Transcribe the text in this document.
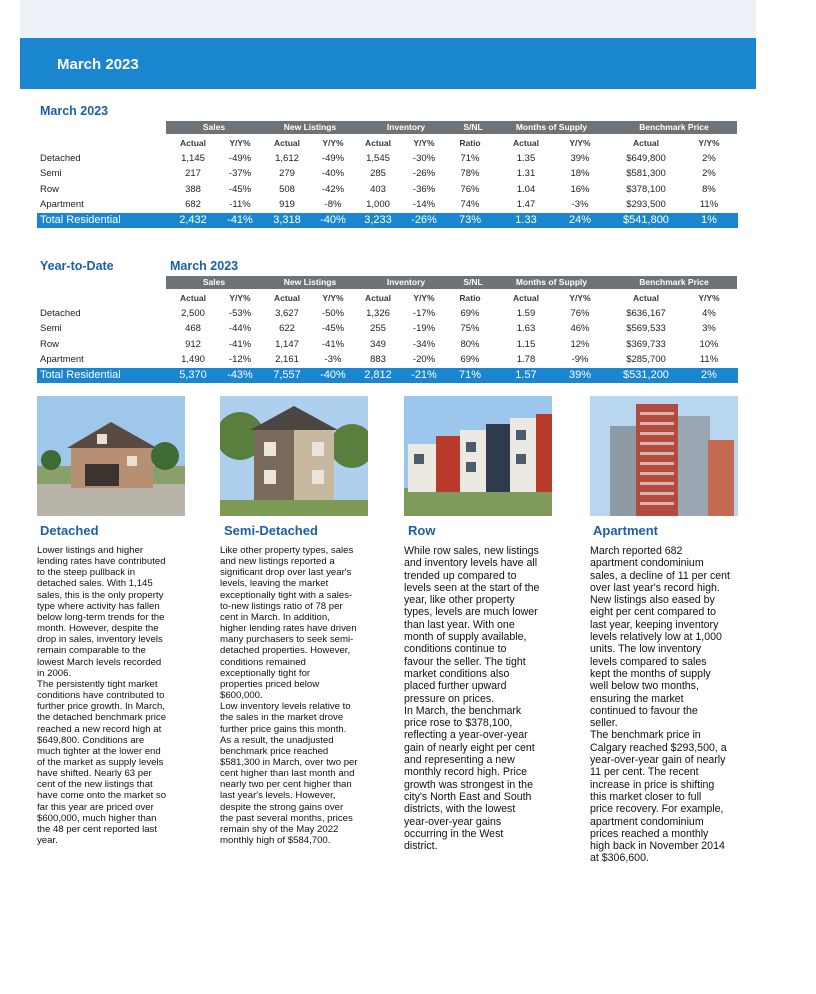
March 2023
March 2023
Sales	New Listings	Inventory	S/NL	Months of Supply	Benchmark Price
Actual	Y/Y%	Actual	Y/Y%	Actual	Y/Y%	Ratio	Actual	Y/Y%	Actual	Y/Y%
Detached	1,145	-49%	1,612	-49%	1,545	-30%	71%	1.35	39%	$649,800	2%
Semi	217	-37%	279	-40%	285	-26%	78%	1.31	18%	$581,300	2%
Row	388	-45%	508	-42%	403	-36%	76%	1.04	16%	$378,100	8%
Apartment	682	-11%	919	-8%	1,000	-14%	74%	1.47	-3%	$293,500	11%
Total Residential	2,432	-41%	3,318	-40%	3,233	-26%	73%	1.33	24%	$541,800	1%
Year-to-Date	March 2023
Sales	New Listings	Inventory	S/NL	Months of Supply	Benchmark Price
Actual	Y/Y%	Actual	Y/Y%	Actual	Y/Y%	Ratio	Actual	Y/Y%	Actual	Y/Y%
Detached	2,500	-53%	3,627	-50%	1,326	-17%	69%	1.59	76%	$636,167	4%
Semi	468	-44%	622	-45%	255	-19%	75%	1.63	46%	$569,533	3%
Row	912	-41%	1,147	-41%	349	-34%	80%	1.15	12%	$369,733	10%
Apartment	1,490	-12%	2,161	-3%	883	-20%	69%	1.78	-9%	$285,700	11%
Total Residential	5,370	-43%	7,557	-40%	2,812	-21%	71%	1.57	39%	$531,200	2%
Detached	Semi-Detached	Row	Apartment
Lower listings and higher
lending rates have contributed
to the steep pullback in
detached sales. With 1,145
sales, this is the only property
type where activity has fallen
below long-term trends for the
month. However, despite the
drop in sales, inventory levels
remain comparable to the
lowest March levels recorded
in 2006.
The persistently tight market
conditions have contributed to
further price growth. In March,
the detached benchmark price
reached a new record high at
$649,800. Conditions are
much tighter at the lower end
of the market as supply levels
have shifted. Nearly 63 per
cent of the new listings that
have come onto the market so
far this year are priced over
$600,000, much higher than
the 48 per cent reported last
year.
Like other property types, sales
and new listings reported a
significant drop over last year's
levels, leaving the market
exceptionally tight with a sales-
to-new listings ratio of 78 per
cent in March. In addition,
higher lending rates have driven
many purchasers to seek semi-
detached properties. However,
conditions remained
exceptionally tight for
properties priced below
$600,000.
Low inventory levels relative to
the sales in the market drove
further price gains this month.
As a result, the unadjusted
benchmark price reached
$581,300 in March, over two per
cent higher than last month and
nearly two per cent higher than
last year's levels. However,
despite the strong gains over
the past several months, prices
remain shy of the May 2022
monthly high of $584,700.
While row sales, new listings
and inventory levels have all
trended up compared to
levels seen at the start of the
year, like other property
types, levels are much lower
than last year. With one
month of supply available,
conditions continue to
favour the seller. The tight
market conditions also
placed further upward
pressure on prices.
In March, the benchmark
price rose to $378,100,
reflecting a year-over-year
gain of nearly eight per cent
and representing a new
monthly record high. Price
growth was strongest in the
city's North East and South
districts, with the lowest
year-over-year gains
occurring in the West
district.
March reported 682
apartment condominium
sales, a decline of 11 per cent
over last year's record high.
New listings also eased by
eight per cent compared to
last year, keeping inventory
levels relatively low at 1,000
units. The low inventory
levels compared to sales
kept the months of supply
well below two months,
ensuring the market
continued to favour the
seller.
The benchmark price in
Calgary reached $293,500, a
year-over-year gain of nearly
11 per cent. The recent
increase in price is shifting
this market closer to full
price recovery. For example,
apartment condominium
prices reached a monthly
high back in November 2014
at $306,600.
